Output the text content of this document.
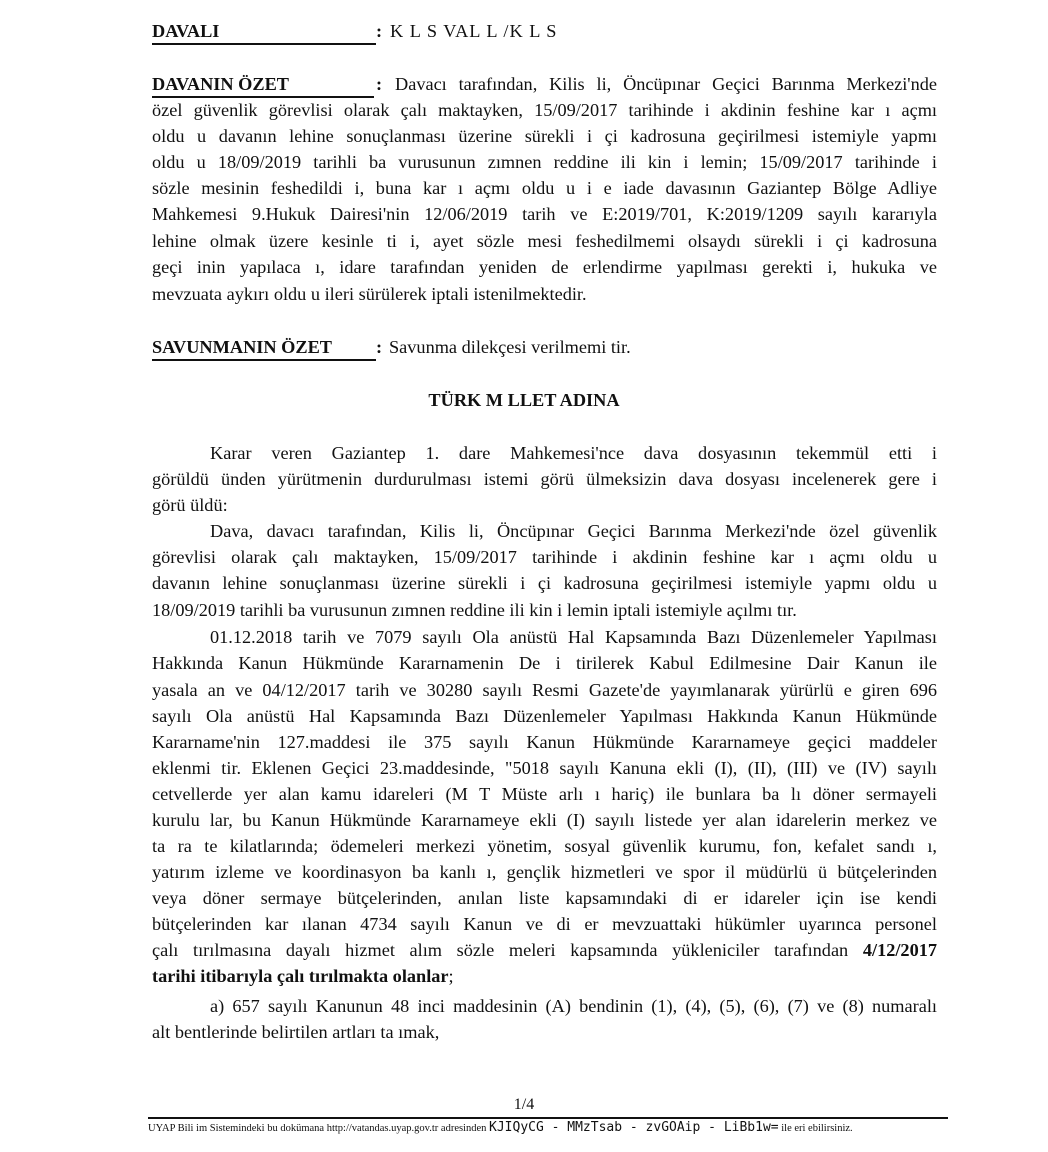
DAVALI	: K L S VAL L /K L S
DAVANIN ÖZET	: Davacı tarafından, Kilis li, Öncüpınar Geçici Barınma Merkezi'nde
özel güvenlik görevlisi olarak çalı maktayken, 15/09/2017 tarihinde i akdinin feshine kar ı açmı
oldu u davanın lehine sonuçlanması üzerine sürekli i çi kadrosuna geçirilmesi istemiyle yapmı
oldu u 18/09/2019 tarihli ba vurusunun zımnen reddine ili kin i lemin; 15/09/2017 tarihinde i
sözle mesinin feshedildi i, buna kar ı açmı oldu u i e iade davasının Gaziantep Bölge Adliye
Mahkemesi 9.Hukuk Dairesi'nin 12/06/2019 tarih ve E:2019/701, K:2019/1209 sayılı kararıyla
lehine olmak üzere kesinle ti i, ayet sözle mesi feshedilmemi olsaydı sürekli i çi kadrosuna
geçi inin yapılaca ı, idare tarafından yeniden de erlendirme yapılması gerekti i, hukuka ve
mevzuata aykırı oldu u ileri sürülerek iptali istenilmektedir.
SAVUNMANIN ÖZET : Savunma dilekçesi verilmemi tir.
TÜRK M LLET ADINA
Karar veren Gaziantep 1. dare Mahkemesi'nce dava dosyasının tekemmül etti i
görüldü ünden yürütmenin durdurulması istemi görü ülmeksizin dava dosyası incelenerek gere i
görü üldü:
Dava, davacı tarafından, Kilis li, Öncüpınar Geçici Barınma Merkezi'nde özel güvenlik
görevlisi olarak çalı maktayken, 15/09/2017 tarihinde i akdinin feshine kar ı açmı oldu u
davanın lehine sonuçlanması üzerine sürekli i çi kadrosuna geçirilmesi istemiyle yapmı oldu u
18/09/2019 tarihli ba vurusunun zımnen reddine ili kin i lemin iptali istemiyle açılmı tır.
01.12.2018 tarih ve 7079 sayılı Ola anüstü Hal Kapsamında Bazı Düzenlemeler Yapılması
Hakkında Kanun Hükmünde Kararnamenin De i tirilerek Kabul Edilmesine Dair Kanun ile
yasala an ve 04/12/2017 tarih ve 30280 sayılı Resmi Gazete'de yayımlanarak yürürlü e giren 696
sayılı Ola anüstü Hal Kapsamında Bazı Düzenlemeler Yapılması Hakkında Kanun Hükmünde
Kararname'nin 127.maddesi ile 375 sayılı Kanun Hükmünde Kararnameye geçici maddeler
eklenmi tir. Eklenen Geçici 23.maddesinde, "5018 sayılı Kanuna ekli (I), (II), (III) ve (IV) sayılı
cetvellerde yer alan kamu idareleri (M T Müste arlı ı hariç) ile bunlara ba lı döner sermayeli
kurulu lar, bu Kanun Hükmünde Kararnameye ekli (I) sayılı listede yer alan idarelerin merkez ve
ta ra te kilatlarında; ödemeleri merkezi yönetim, sosyal güvenlik kurumu, fon, kefalet sandı ı,
yatırım izleme ve koordinasyon ba kanlı ı, gençlik hizmetleri ve spor il müdürlü ü bütçelerinden
veya döner sermaye bütçelerinden, anılan liste kapsamındaki di er idareler için ise kendi
bütçelerinden kar ılanan 4734 sayılı Kanun ve di er mevzuattaki hükümler uyarınca personel
çalı tırılmasına dayalı hizmet alım sözle meleri kapsamında yükleniciler tarafından 4/12/2017
tarihi itibarıyla çalı tırılmakta olanlar;
a) 657 sayılı Kanunun 48 inci maddesinin (A) bendinin (1), (4), (5), (6), (7) ve (8) numaralı
alt bentlerinde belirtilen artları ta ımak,
1/4
UYAP Bili im Sistemindeki bu dokümana http://vatandas.uyap.gov.tr adresinden KJIQyCG - MMzTsab - zvGOAip - LiBb1w= ile eri ebilirsiniz.
